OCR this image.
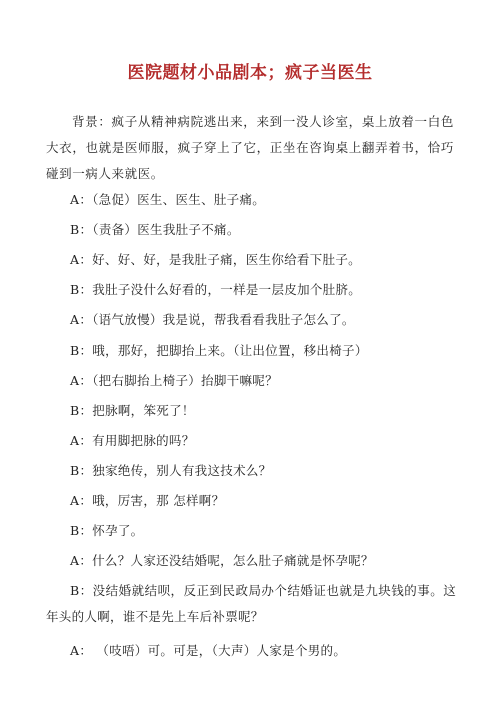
医院题材小品剧本；疯子当医生
背景：疯子从精神病院逃出来，来到一没人诊室，桌上放着一白色大衣，也就是医师服，疯子穿上了它，正坐在咨询桌上翻弄着书，恰巧碰到一病人来就医。
A：（急促）医生、医生、肚子痛。
B：（责备）医生我肚子不痛。
A：好、好、好，是我肚子痛，医生你给看下肚子。
B：我肚子没什么好看的，一样是一层皮加个肚脐。
A：（语气放慢）我是说，帮我看看我肚子怎么了。
B：哦，那好，把脚抬上来。（让出位置，移出椅子）
A：（把右脚抬上椅子）抬脚干嘛呢？
B：把脉啊，笨死了！
A：有用脚把脉的吗？
B：独家绝传，别人有我这技术么？
A：哦，厉害，那 怎样啊？
B：怀孕了。
A：什么？人家还没结婚呢，怎么肚子痛就是怀孕呢？
B：没结婚就结呗，反正到民政局办个结婚证也就是九块钱的事。这年头的人啊，谁不是先上车后补票呢？
A： （吱唔）可。可是，（大声）人家是个男的。
